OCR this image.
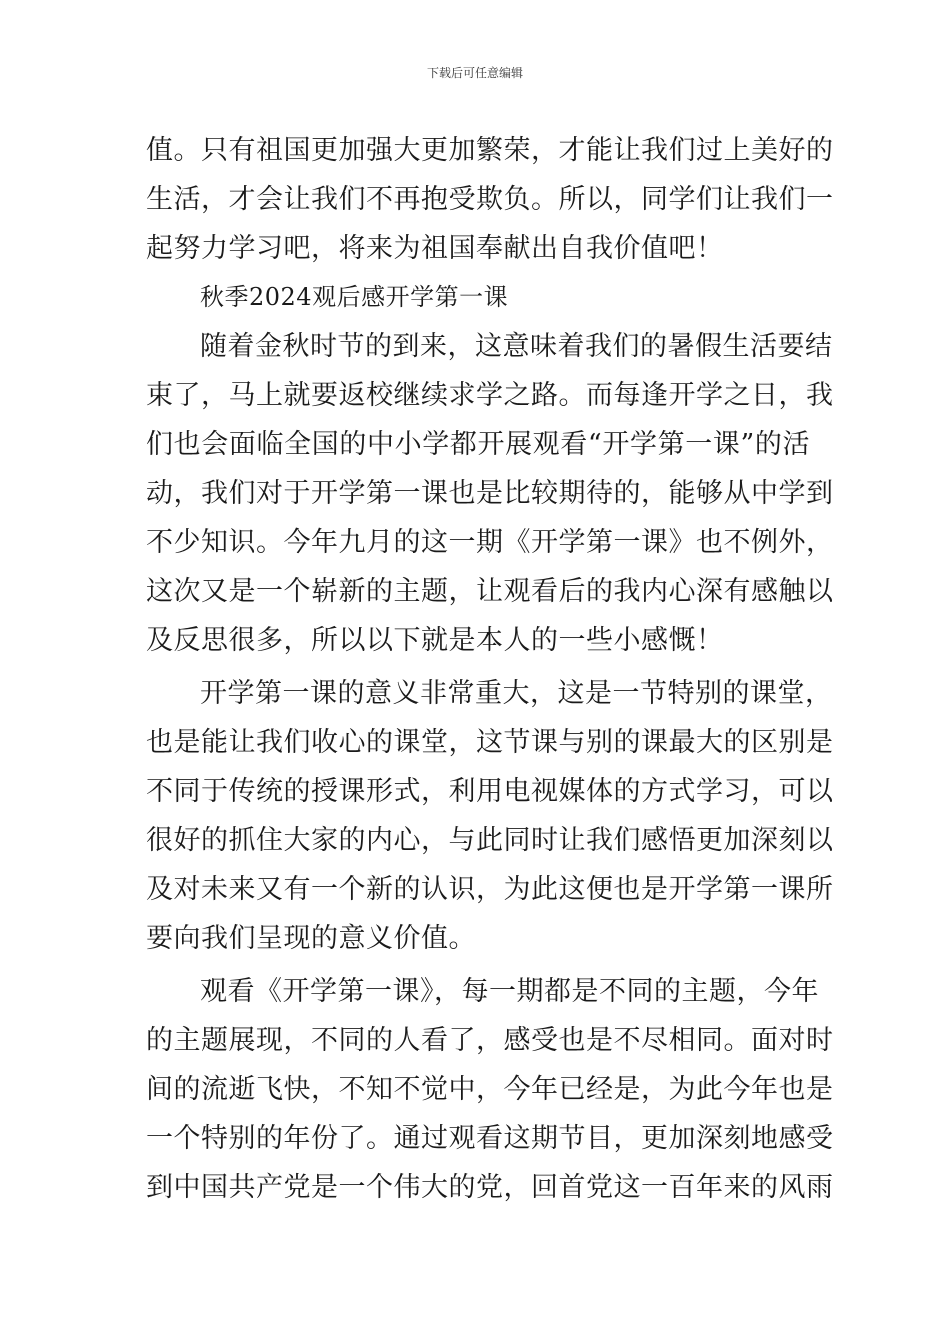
下载后可任意编辑
值。只有祖国更加强大更加繁荣，才能让我们过上美好的
生活，才会让我们不再抱受欺负。所以，同学们让我们一
起努力学习吧，将来为祖国奉献出自我价值吧！
秋季2024观后感开学第一课
随着金秋时节的到来，这意味着我们的暑假生活要结
束了，马上就要返校继续求学之路。而每逢开学之日，我
们也会面临全国的中小学都开展观看“开学第一课”的活
动，我们对于开学第一课也是比较期待的，能够从中学到
不少知识。今年九月的这一期《开学第一课》也不例外，
这次又是一个崭新的主题，让观看后的我内心深有感触以
及反思很多，所以以下就是本人的一些小感慨！
开学第一课的意义非常重大，这是一节特别的课堂，
也是能让我们收心的课堂，这节课与别的课最大的区别是
不同于传统的授课形式，利用电视媒体的方式学习，可以
很好的抓住大家的内心，与此同时让我们感悟更加深刻以
及对未来又有一个新的认识，为此这便也是开学第一课所
要向我们呈现的意义价值。
观看《开学第一课》，每一期都是不同的主题，今年
的主题展现，不同的人看了，感受也是不尽相同。面对时
间的流逝飞快，不知不觉中，今年已经是，为此今年也是
一个特别的年份了。通过观看这期节目，更加深刻地感受
到中国共产党是一个伟大的党，回首党这一百年来的风雨
